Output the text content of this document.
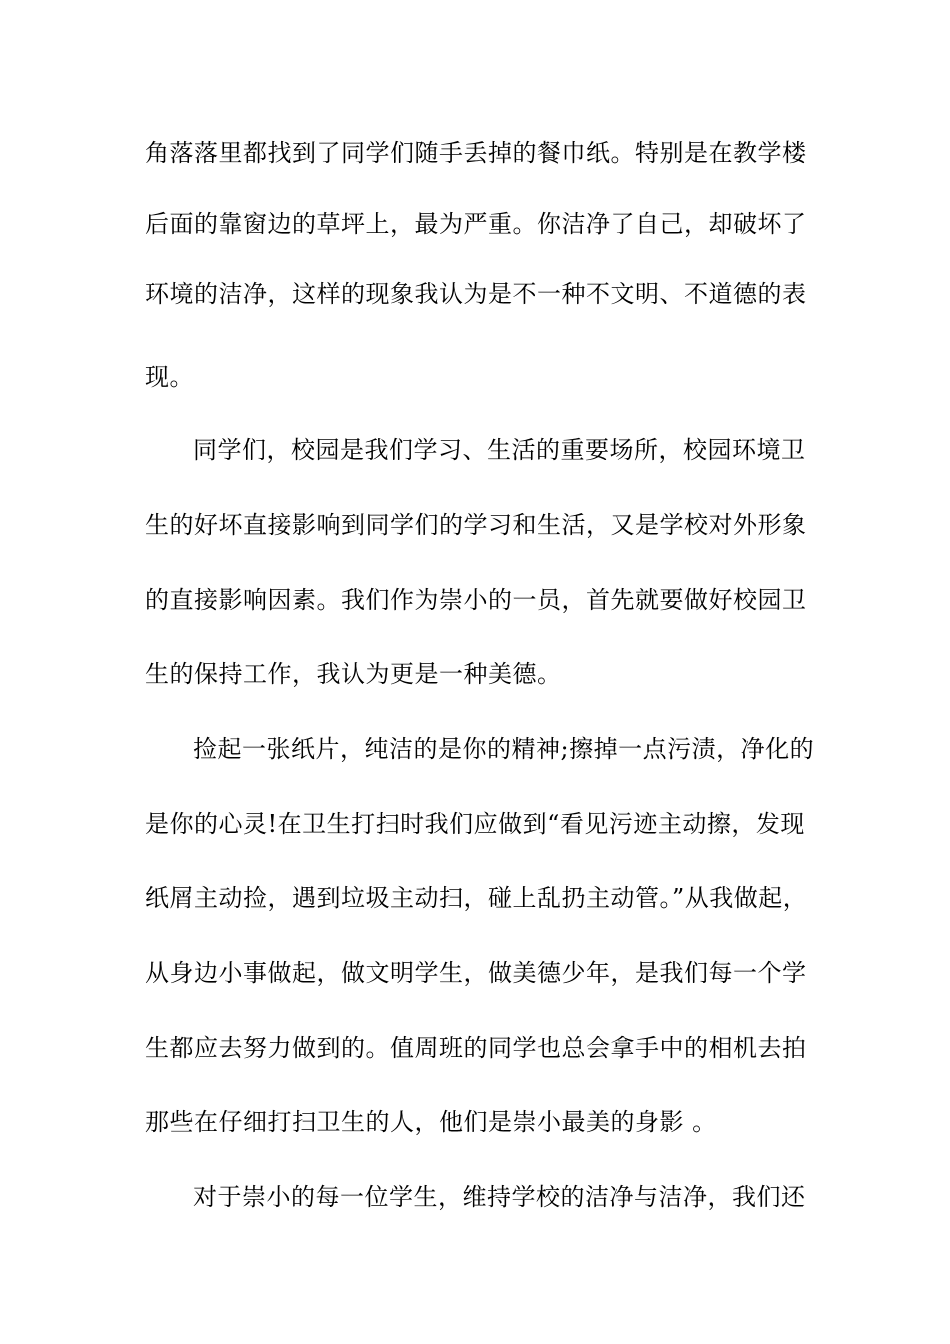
角落落里都找到了同学们随手丢掉的餐巾纸。特别是在教学楼
后面的靠窗边的草坪上，最为严重。你洁净了自己，却破坏了
环境的洁净，这样的现象我认为是不一种不文明、不道德的表
现。
同学们，校园是我们学习、生活的重要场所，校园环境卫
生的好坏直接影响到同学们的学习和生活，又是学校对外形象
的直接影响因素。我们作为崇小的一员，首先就要做好校园卫
生的保持工作，我认为更是一种美德。
捡起一张纸片，纯洁的是你的精神;擦掉一点污渍，净化的
是你的心灵!在卫生打扫时我们应做到“看见污迹主动擦，发现
纸屑主动捡，遇到垃圾主动扫，碰上乱扔主动管。”从我做起，
从身边小事做起，做文明学生，做美德少年，是我们每一个学
生都应去努力做到的。值周班的同学也总会拿手中的相机去拍
那些在仔细打扫卫生的人，他们是崇小最美的身影 。
对于崇小的每一位学生，维持学校的洁净与洁净，我们还
